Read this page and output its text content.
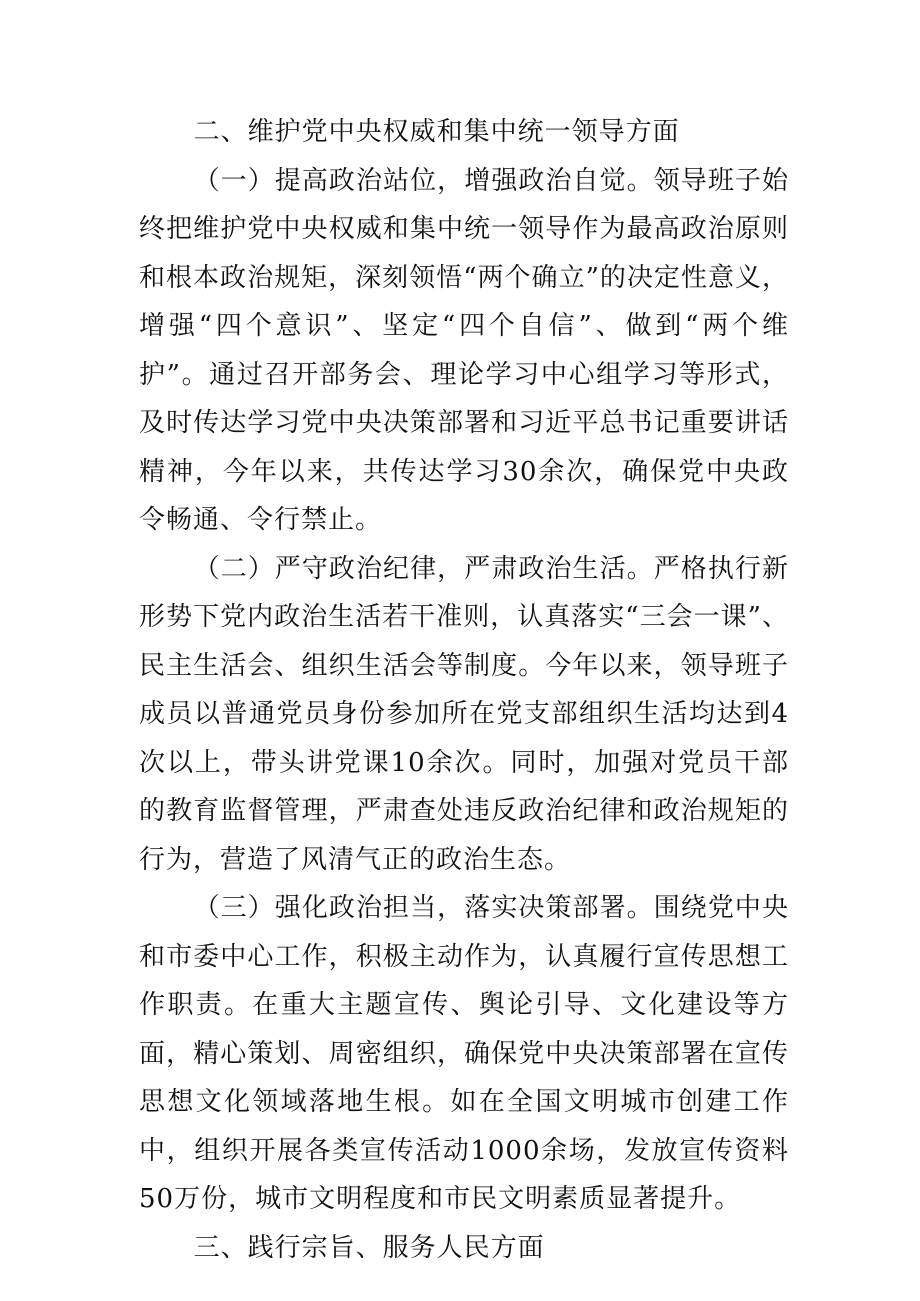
二、维护党中央权威和集中统一领导方面

（一）提高政治站位，增强政治自觉。领导班子始终把维护党中央权威和集中统一领导作为最高政治原则和根本政治规矩，深刻领悟“两个确立”的决定性意义，增强“四个意识”、坚定“四个自信”、做到“两个维护”。通过召开部务会、理论学习中心组学习等形式，及时传达学习党中央决策部署和习近平总书记重要讲话精神，今年以来，共传达学习30余次，确保党中央政令畅通、令行禁止。

（二）严守政治纪律，严肃政治生活。严格执行新形势下党内政治生活若干准则，认真落实“三会一课”、民主生活会、组织生活会等制度。今年以来，领导班子成员以普通党员身份参加所在党支部组织生活均达到4次以上，带头讲党课10余次。同时，加强对党员干部的教育监督管理，严肃查处违反政治纪律和政治规矩的行为，营造了风清气正的政治生态。

（三）强化政治担当，落实决策部署。围绕党中央和市委中心工作，积极主动作为，认真履行宣传思想工作职责。在重大主题宣传、舆论引导、文化建设等方面，精心策划、周密组织，确保党中央决策部署在宣传思想文化领域落地生根。如在全国文明城市创建工作中，组织开展各类宣传活动1000余场，发放宣传资料50万份，城市文明程度和市民文明素质显著提升。

三、践行宗旨、服务人民方面
